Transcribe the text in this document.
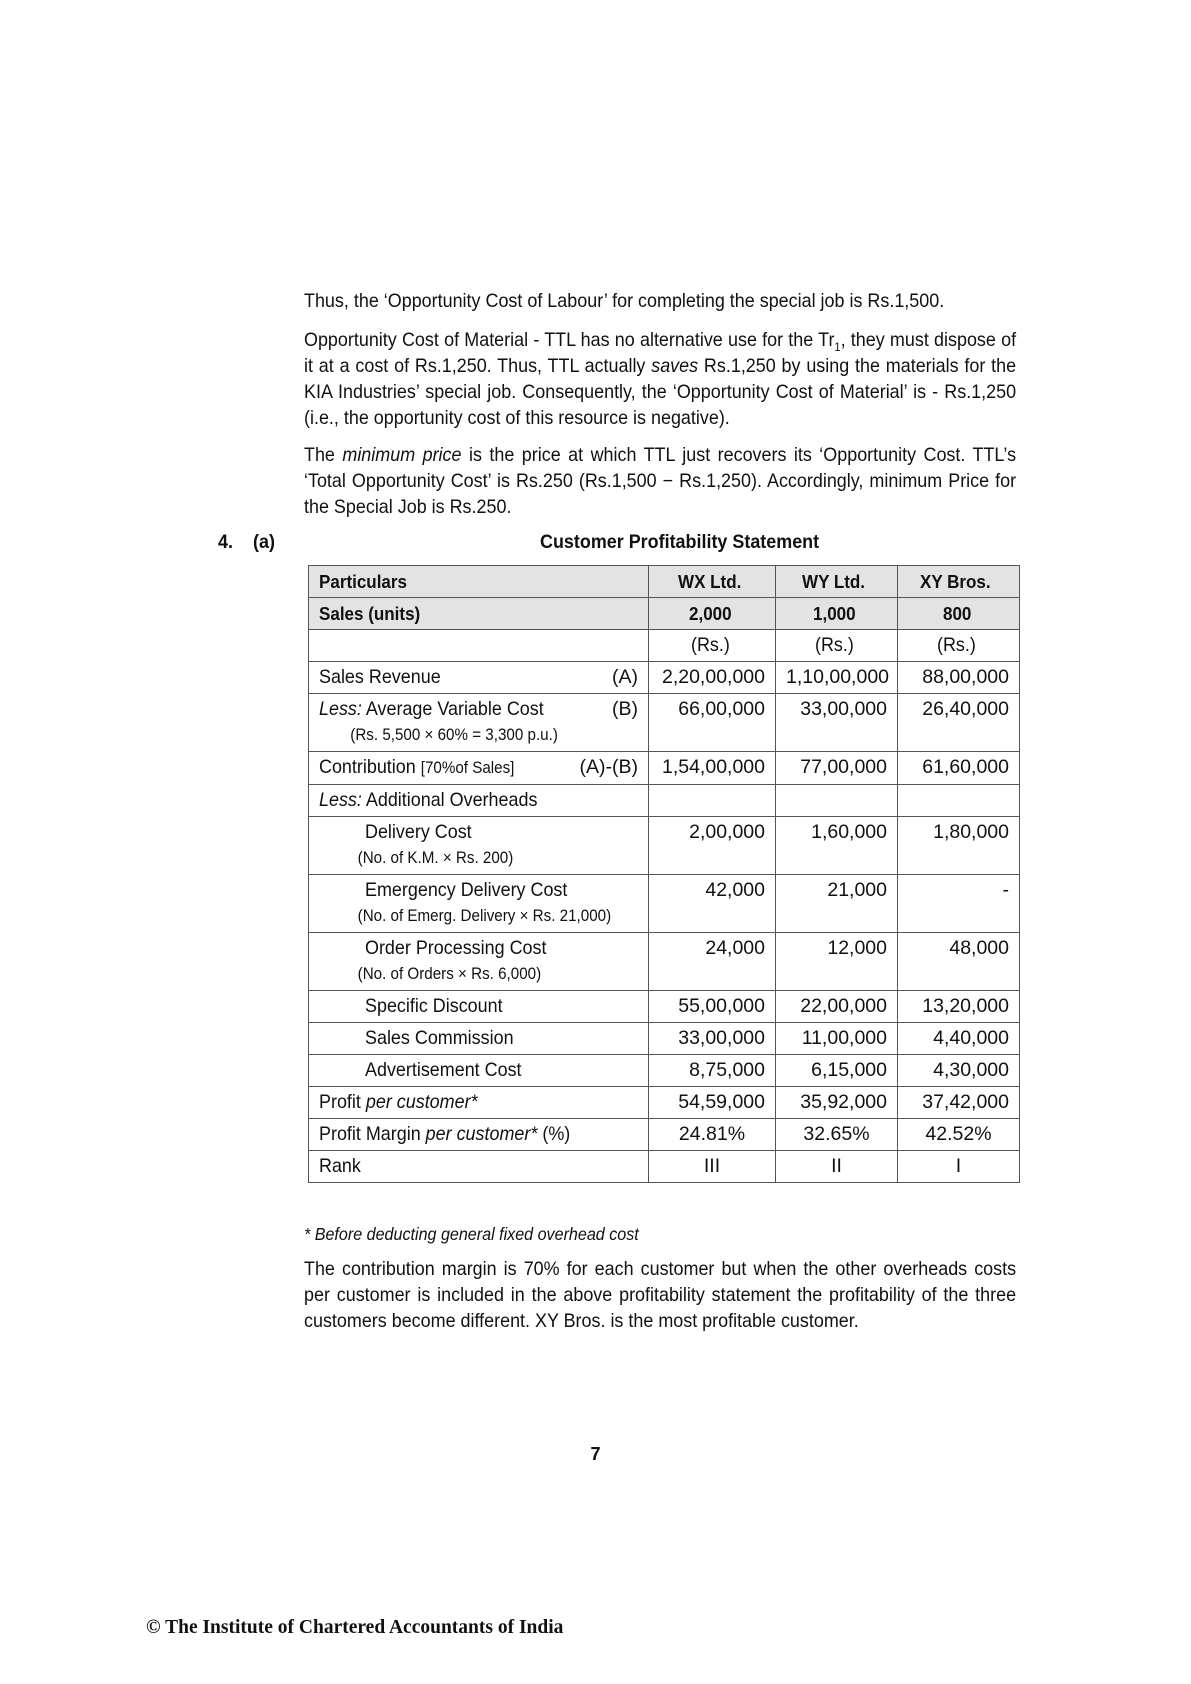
Thus, the ‘Opportunity Cost of Labour’ for completing the special job is Rs.1,500.
Opportunity Cost of Material - TTL has no alternative use for the $Tr_1$, they must dispose of it at a cost of Rs.1,250. Thus, TTL actually saves Rs.1,250 by using the materials for the KIA Industries’ special job. Consequently, the ‘Opportunity Cost of Material’ is - Rs.1,250 (i.e., the opportunity cost of this resource is negative).
The minimum price is the price at which TTL just recovers its ‘Opportunity Cost. TTL’s ‘Total Opportunity Cost’ is Rs.250 (Rs.1,500 − Rs.1,250). Accordingly, minimum Price for the Special Job is Rs.250.
4. (a)	Customer Profitability Statement
Particulars	WX Ltd.	WY Ltd.	XY Bros.
Sales (units)	2,000	1,000	800
	(Rs.)	(Rs.)	(Rs.)

Sales Revenue (A)	2,20,00,000	1,10,00,000	88,00,000

Less: Average Variable Cost (B)
(Rs. 5,500 × 60% = 3,300 p.u.)	66,00,000	33,00,000	26,40,000

Contribution [70%of Sales] (A)-(B)	1,54,00,000	77,00,000	61,60,000
Less: Additional Overheads			
Delivery Cost
(No. of K.M. × Rs. 200)	2,00,000	1,60,000	1,80,000
Emergency Delivery Cost
(No. of Emerg. Delivery × Rs. 21,000)	42,000	21,000	-
Order Processing Cost
(No. of Orders × Rs. 6,000)	24,000	12,000	48,000
Specific Discount	55,00,000	22,00,000	13,20,000
Sales Commission	33,00,000	11,00,000	4,40,000
Advertisement Cost	8,75,000	6,15,000	4,30,000
Profit per customer*	54,59,000	35,92,000	37,42,000
Profit Margin per customer* (%)	24.81%	32.65%	42.52%
Rank	III	II	I
* Before deducting general fixed overhead cost
The contribution margin is 70% for each customer but when the other overheads costs per customer is included in the above profitability statement the profitability of the three customers become different. XY Bros. is the most profitable customer.
7
© The Institute of Chartered Accountants of India
